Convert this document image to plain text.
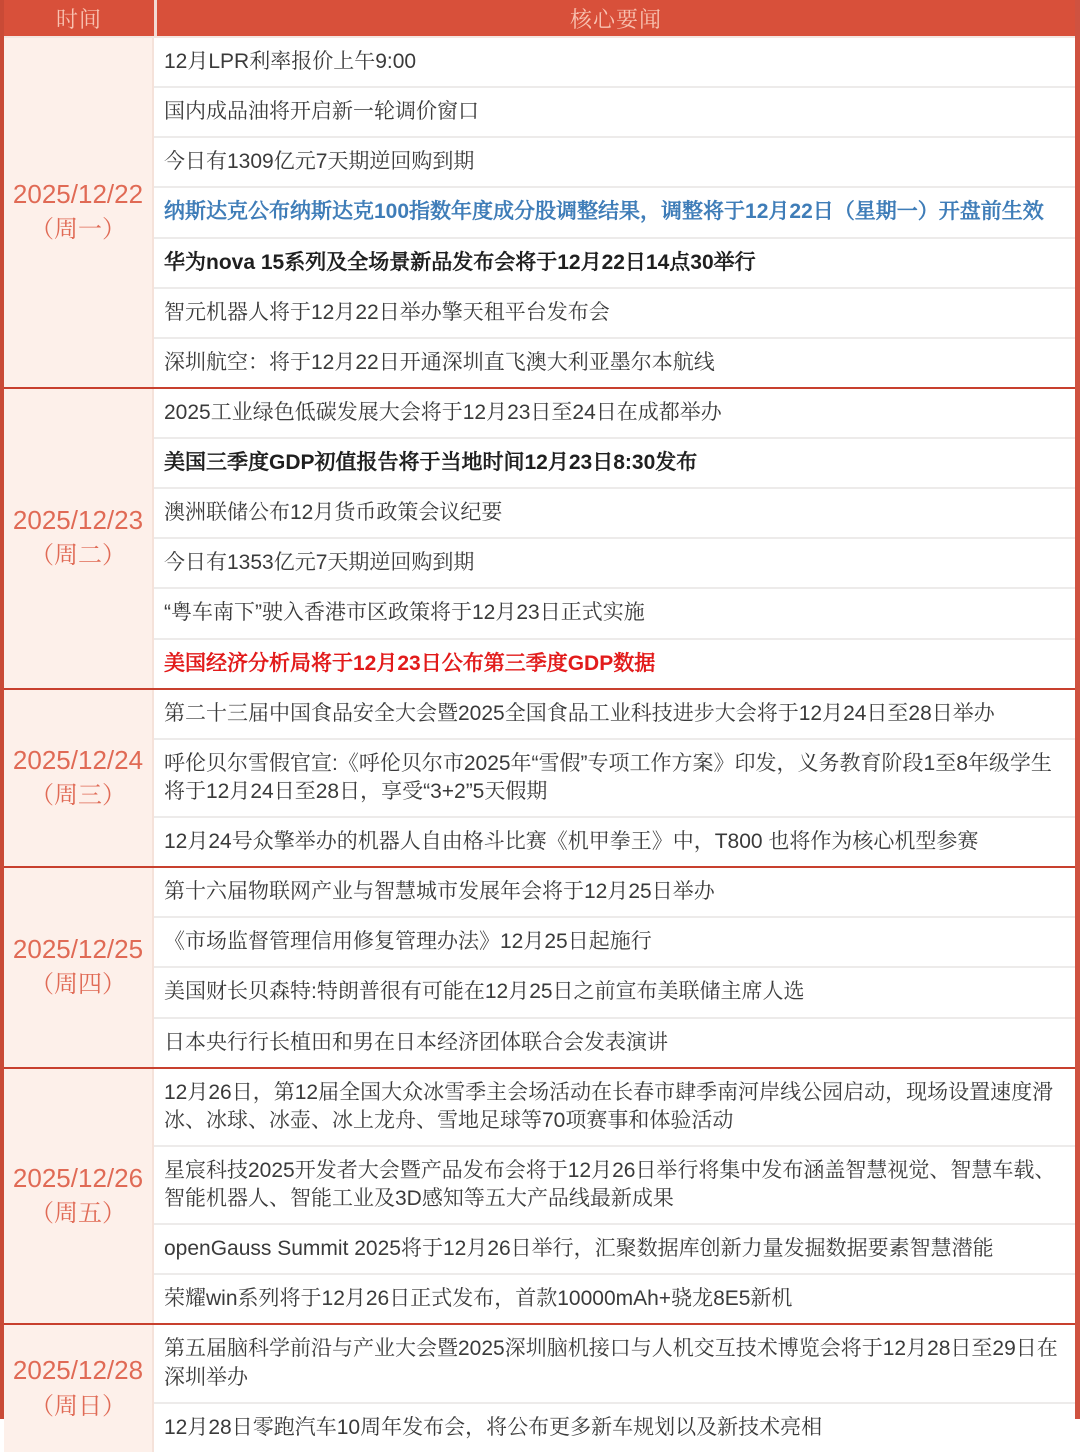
时间	核心要闻
2025/12/22
（周一）
12月LPR利率报价上午9:00
国内成品油将开启新一轮调价窗口
今日有1309亿元7天期逆回购到期
纳斯达克公布纳斯达克100指数年度成分股调整结果，调整将于12月22日（星期一）开盘前生效
华为nova 15系列及全场景新品发布会将于12月22日14点30举行
智元机器人将于12月22日举办擎天租平台发布会
深圳航空：将于12月22日开通深圳直飞澳大利亚墨尔本航线
2025/12/23
（周二）
2025工业绿色低碳发展大会将于12月23日至24日在成都举办
美国三季度GDP初值报告将于当地时间12月23日8:30发布
澳洲联储公布12月货币政策会议纪要
今日有1353亿元7天期逆回购到期
“粤车南下”驶入香港市区政策将于12月23日正式实施
美国经济分析局将于12月23日公布第三季度GDP数据
2025/12/24
（周三）
第二十三届中国食品安全大会暨2025全国食品工业科技进步大会将于12月24日至28日举办
呼伦贝尔雪假官宣:《呼伦贝尔市2025年“雪假”专项工作方案》印发，义务教育阶段1至8年级学生将于12月24日至28日，享受“3+2”5天假期
12月24号众擎举办的机器人自由格斗比赛《机甲拳王》中，T800 也将作为核心机型参赛
2025/12/25
（周四）
第十六届物联网产业与智慧城市发展年会将于12月25日举办
《市场监督管理信用修复管理办法》12月25日起施行
美国财长贝森特:特朗普很有可能在12月25日之前宣布美联储主席人选
日本央行行长植田和男在日本经济团体联合会发表演讲
2025/12/26
（周五）
12月26日，第12届全国大众冰雪季主会场活动在长春市肆季南河岸线公园启动，现场设置速度滑冰、冰球、冰壶、冰上龙舟、雪地足球等70项赛事和体验活动
星宸科技2025开发者大会暨产品发布会将于12月26日举行将集中发布涵盖智慧视觉、智慧车载、智能机器人、智能工业及3D感知等五大产品线最新成果
openGauss Summit 2025将于12月26日举行，汇聚数据库创新力量发掘数据要素智慧潜能
荣耀win系列将于12月26日正式发布，首款10000mAh+骁龙8E5新机
2025/12/28
（周日）
第五届脑科学前沿与产业大会暨2025深圳脑机接口与人机交互技术博览会将于12月28日至29日在深圳举办
12月28日零跑汽车10周年发布会，将公布更多新车规划以及新技术亮相
